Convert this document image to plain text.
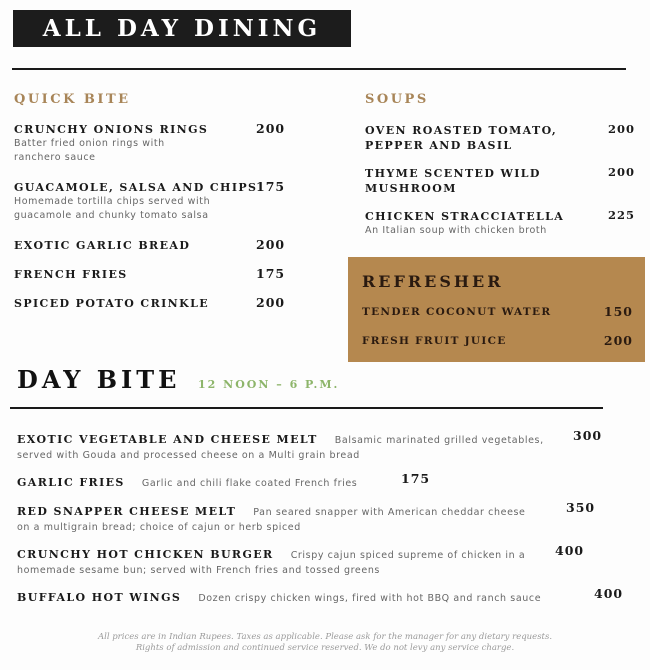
ALL DAY DINING
QUICK BITE
CRUNCHY ONIONS RINGS
Batter fried onion rings with
ranchero sauce
200
GUACAMOLE, SALSA AND CHIPS
Homemade tortilla chips served with
guacamole and chunky tomato salsa
175
EXOTIC GARLIC BREAD	200
FRENCH FRIES	175
SPICED POTATO CRINKLE	200
SOUPS
OVEN ROASTED TOMATO,
PEPPER AND BASIL
200
THYME SCENTED WILD
MUSHROOM
200
CHICKEN STRACCIATELLA
An Italian soup with chicken broth
225
REFRESHER
TENDER COCONUT WATER	150
FRESH FRUIT JUICE	200
DAY BITE 12 NOON – 6 P.M.
EXOTIC VEGETABLE AND CHEESE MELT Balsamic marinated grilled vegetables,
served with Gouda and processed cheese on a Multi grain bread
300
GARLIC FRIES Garlic and chili flake coated French fries	175
RED SNAPPER CHEESE MELT Pan seared snapper with American cheddar cheese
on a multigrain bread; choice of cajun or herb spiced
350
CRUNCHY HOT CHICKEN BURGER Crispy cajun spiced supreme of chicken in a
homemade sesame bun; served with French fries and tossed greens
400
BUFFALO HOT WINGS Dozen crispy chicken wings, fired with hot BBQ and ranch sauce	400
All prices are in Indian Rupees. Taxes as applicable. Please ask for the manager for any dietary requests.
Rights of admission and continued service reserved. We do not levy any service charge.
